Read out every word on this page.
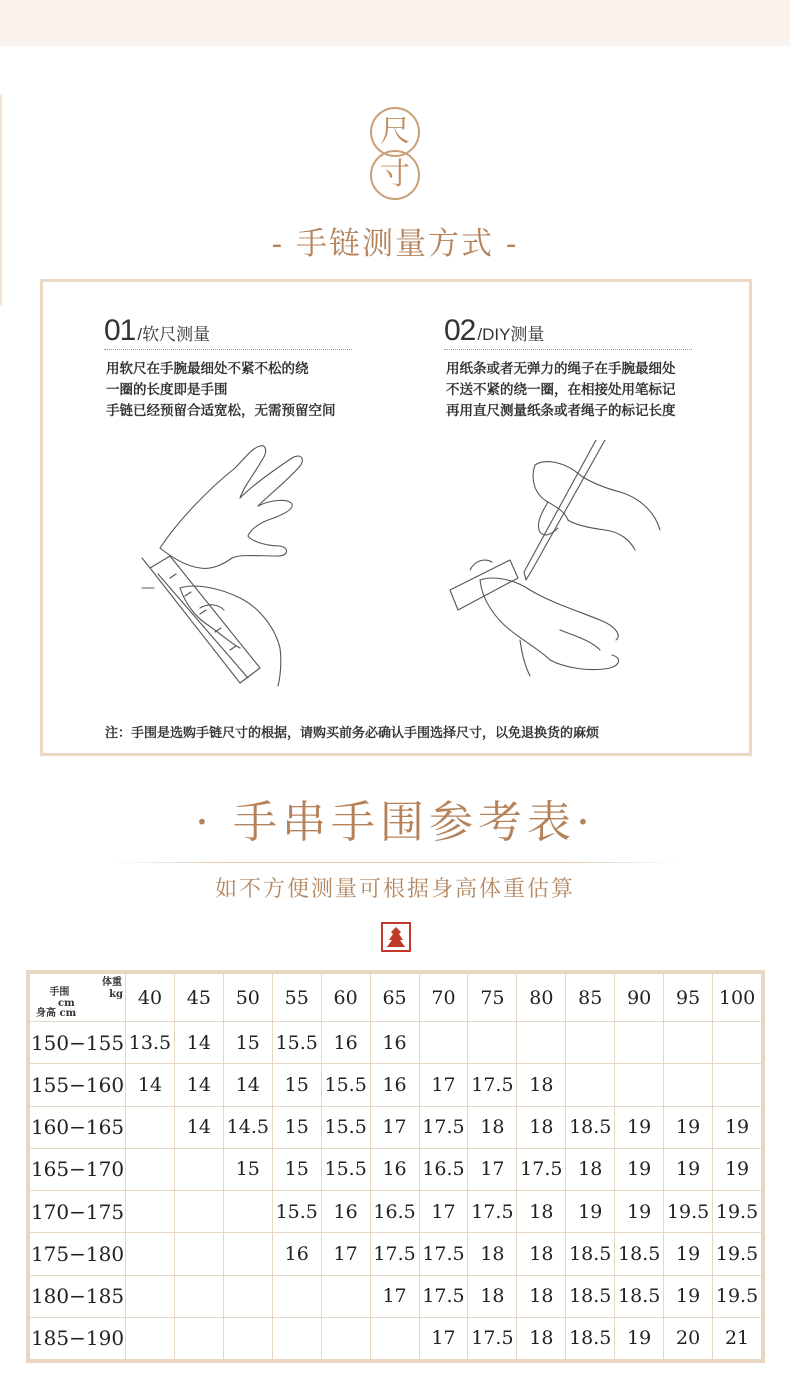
尺
寸
- 手链测量方式 -
01 /软尺测量
用软尺在手腕最细处不紧不松的绕
一圈的长度即是手围
手链已经预留合适宽松，无需预留空间
02 /DIY测量
用纸条或者无弹力的绳子在手腕最细处
不送不紧的绕一圈，在相接处用笔标记
再用直尺测量纸条或者绳子的标记长度
注：手围是选购手链尺寸的根据，请购买前务必确认手围选择尺寸，以免退换货的麻烦
· 手串手围参考表·
如不方便测量可根据身高体重估算
体重
kg
手围
cm
身高 cm	40	45	50	55	60	65	70	75	80	85	90	95	100
150−155	13.5	14	15	15.5	16	16							
155−160	14	14	14	15	15.5	16	17	17.5	18				
160−165		14	14.5	15	15.5	17	17.5	18	18	18.5	19	19	19
165−170			15	15	15.5	16	16.5	17	17.5	18	19	19	19
170−175				15.5	16	16.5	17	17.5	18	19	19	19.5	19.5
175−180				16	17	17.5	17.5	18	18	18.5	18.5	19	19.5
180−185						17	17.5	18	18	18.5	18.5	19	19.5
185−190							17	17.5	18	18.5	19	20	21
